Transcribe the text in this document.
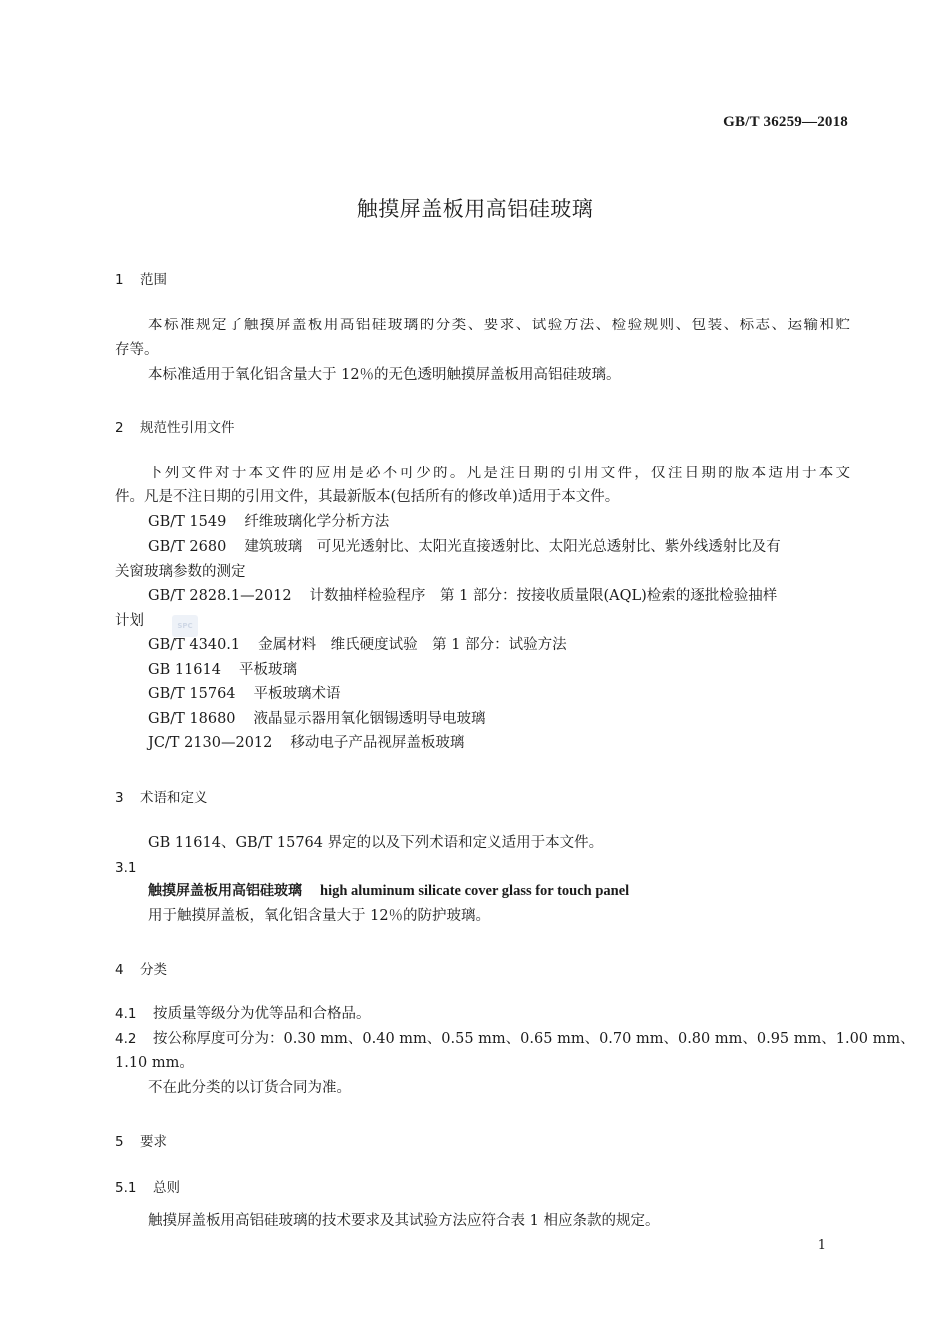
GB/T 36259—2018
触摸屏盖板用高铝硅玻璃
1 范围
本标准规定了触摸屏盖板用高铝硅玻璃的分类、要求、试验方法、检验规则、包装、标志、运输和贮
存等。
本标准适用于氧化铝含量大于 12％的无色透明触摸屏盖板用高铝硅玻璃。
2 规范性引用文件
下列文件对于本文件的应用是必不可少的。凡是注日期的引用文件，仅注日期的版本适用于本文
件。凡是不注日期的引用文件，其最新版本(包括所有的修改单)适用于本文件。
GB/T 1549 纤维玻璃化学分析方法
GB/T 2680 建筑玻璃　可见光透射比、太阳光直接透射比、太阳光总透射比、紫外线透射比及有
关窗玻璃参数的测定
GB/T 2828.1—2012 计数抽样检验程序　第 1 部分：按接收质量限(AQL)检索的逐批检验抽样
计划
GB/T 4340.1 金属材料　维氏硬度试验　第 1 部分：试验方法
GB 11614 平板玻璃
GB/T 15764 平板玻璃术语
GB/T 18680 液晶显示器用氧化铟锡透明导电玻璃
JC/T 2130—2012 移动电子产品视屏盖板玻璃
SPC
3 术语和定义
GB 11614、GB/T 15764 界定的以及下列术语和定义适用于本文件。
3.1
触摸屏盖板用高铝硅玻璃 high aluminum silicate cover glass for touch panel
用于触摸屏盖板，氧化铝含量大于 12％的防护玻璃。
4 分类
4.1 按质量等级分为优等品和合格品。
4.2 按公称厚度可分为：0.30 mm、0.40 mm、0.55 mm、0.65 mm、0.70 mm、0.80 mm、0.95 mm、1.00 mm、
1.10 mm。
不在此分类的以订货合同为准。
5 要求
5.1 总则
触摸屏盖板用高铝硅玻璃的技术要求及其试验方法应符合表 1 相应条款的规定。
1
